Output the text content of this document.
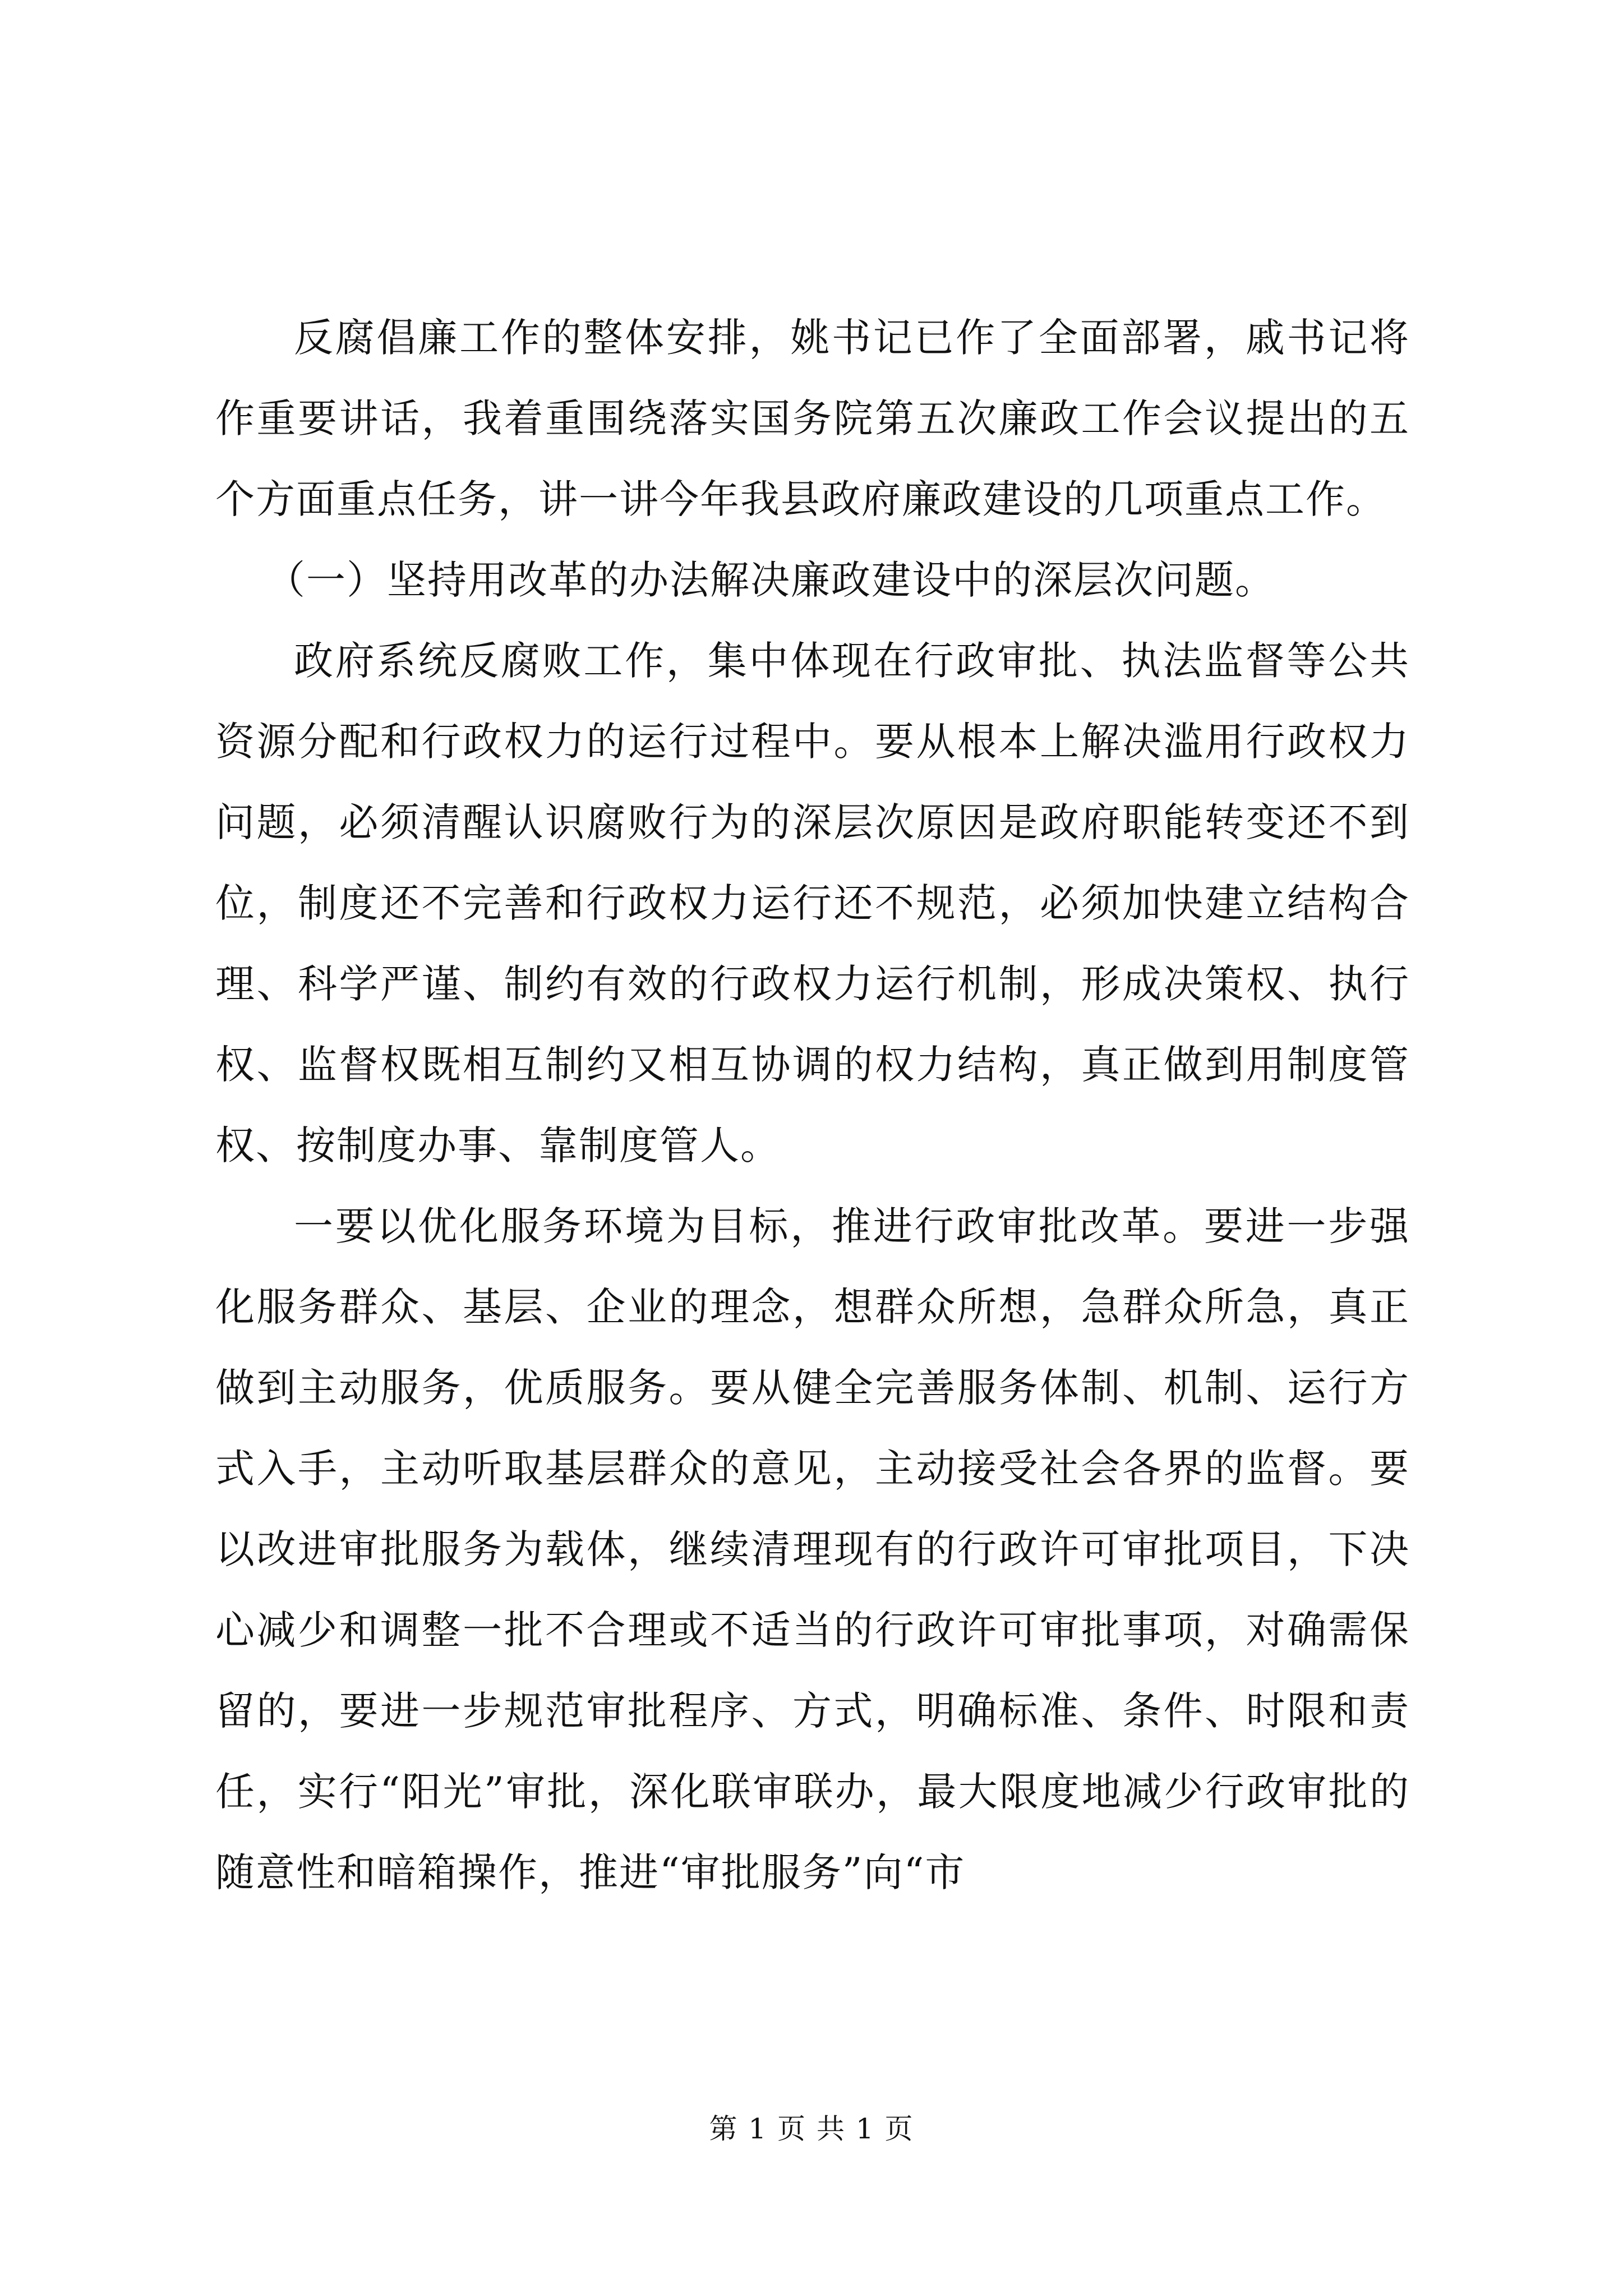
反腐倡廉工作的整体安排，姚书记已作了全面部署，戚书记将作重要讲话，我着重围绕落实国务院第五次廉政工作会议提出的五个方面重点任务，讲一讲今年我县政府廉政建设的几项重点工作。

（一）坚持用改革的办法解决廉政建设中的深层次问题。

政府系统反腐败工作，集中体现在行政审批、执法监督等公共资源分配和行政权力的运行过程中。要从根本上解决滥用行政权力问题，必须清醒认识腐败行为的深层次原因是政府职能转变还不到位，制度还不完善和行政权力运行还不规范，必须加快建立结构合理、科学严谨、制约有效的行政权力运行机制，形成决策权、执行权、监督权既相互制约又相互协调的权力结构，真正做到用制度管权、按制度办事、靠制度管人。

一要以优化服务环境为目标，推进行政审批改革。要进一步强化服务群众、基层、企业的理念，想群众所想，急群众所急，真正做到主动服务，优质服务。要从健全完善服务体制、机制、运行方式入手，主动听取基层群众的意见，主动接受社会各界的监督。要以改进审批服务为载体，继续清理现有的行政许可审批项目，下决心减少和调整一批不合理或不适当的行政许可审批事项，对确需保留的，要进一步规范审批程序、方式，明确标准、条件、时限和责任，实行“阳光”审批，深化联审联办，最大限度地减少行政审批的随意性和暗箱操作，推进“审批服务”向“市

第 1 页 共 1 页
